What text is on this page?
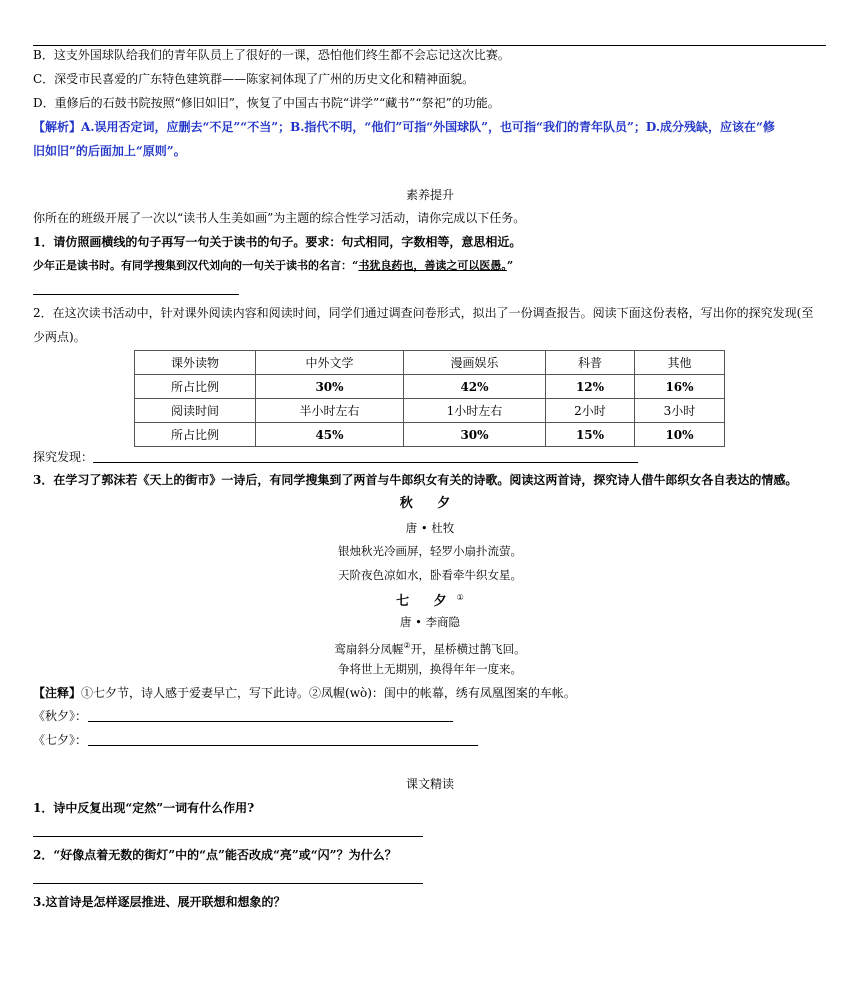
B．这支外国球队给我们的青年队员上了很好的一课，恐怕他们终生都不会忘记这次比赛。
C．深受市民喜爱的广东特色建筑群——陈家祠体现了广州的历史文化和精神面貌。
D．重修后的石鼓书院按照“修旧如旧”，恢复了中国古书院“讲学”“藏书”“祭祀”的功能。
【解析】A.误用否定词，应删去“不足”“不当”；B.指代不明，“他们”可指“外国球队”，也可指“我们的青年队员”；D.成分残缺，应该在“修
旧如旧”的后面加上“原则”。
素养提升
你所在的班级开展了一次以“读书人生美如画”为主题的综合性学习活动，请你完成以下任务。
1．请仿照画横线的句子再写一句关于读书的句子。要求：句式相同，字数相等，意思相近。
少年正是读书时。有同学搜集到汉代刘向的一句关于读书的名言：“书犹良药也，善读之可以医愚。”
2．在这次读书活动中，针对课外阅读内容和阅读时间，同学们通过调查问卷形式，拟出了一份调查报告。阅读下面这份表格，写出你的探究发现(至
少两点)。
课外读物	中外文学	漫画娱乐	科普	其他
所占比例	30%	42%	12%	16%
阅读时间	半小时左右	1小时左右	2小时	3小时
所占比例	45%	30%	15%	10%
探究发现：
3．在学习了郭沫若《天上的街市》一诗后，有同学搜集到了两首与牛郎织女有关的诗歌。阅读这两首诗，探究诗人借牛郎织女各自表达的情感。
秋 夕
唐 • 杜牧
银烛秋光冷画屏，轻罗小扇扑流萤。
天阶夜色凉如水，卧看牵牛织女星。
七 夕①
唐 • 李商隐
鸾扇斜分凤幄②开，星桥横过鹊飞回。
争将世上无期别，换得年年一度来。
【注释】①七夕节，诗人感于爱妻早亡，写下此诗。②凤幄(wò)：闺中的帐幕，绣有凤凰图案的车帐。
《秋夕》：
《七夕》：
课文精读
1．诗中反复出现“定然”一词有什么作用?
2．“好像点着无数的街灯”中的“点”能否改成“亮”或“闪”？为什么？
3.这首诗是怎样逐层推进、展开联想和想象的？
